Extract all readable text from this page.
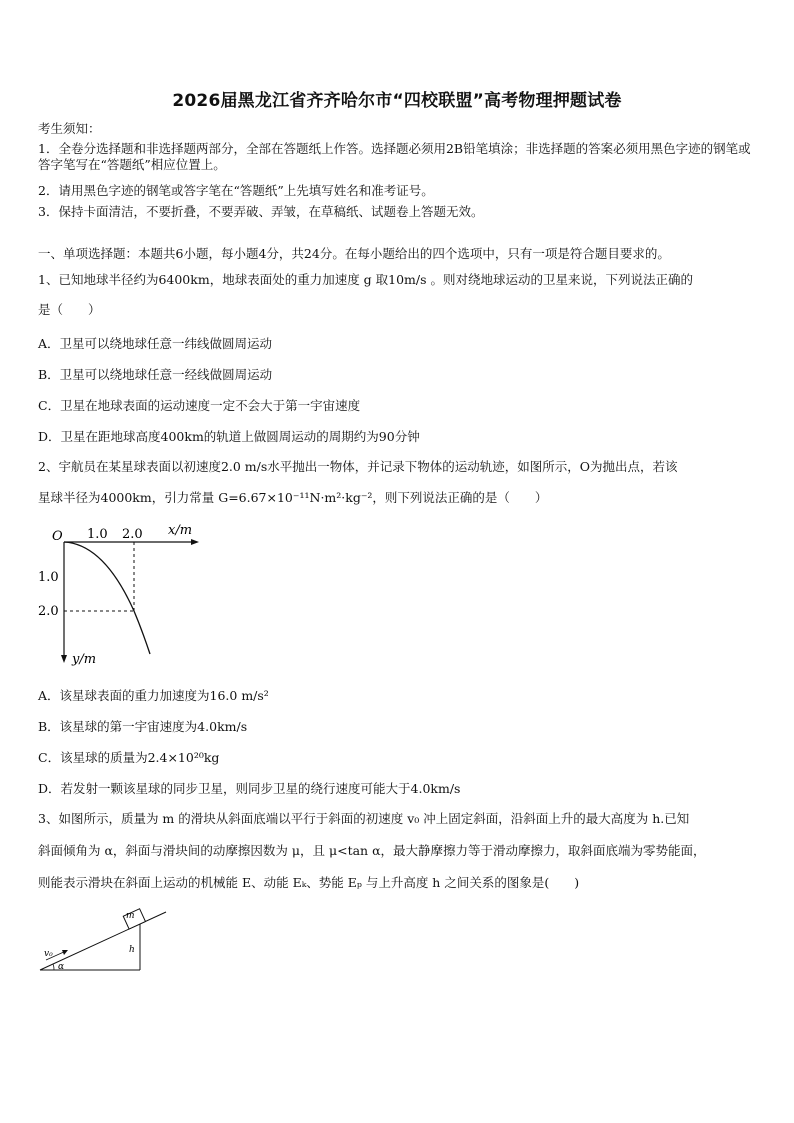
2026届黑龙江省齐齐哈尔市“四校联盟”高考物理押题试卷
考生须知：
1．全卷分选择题和非选择题两部分，全部在答题纸上作答。选择题必须用2B铅笔填涂；非选择题的答案必须用黑色字迹的钢笔或答字笔写在“答题纸”相应位置上。
2．请用黑色字迹的钢笔或答字笔在“答题纸”上先填写姓名和准考证号。
3．保持卡面清洁，不要折叠，不要弄破、弄皱，在草稿纸、试题卷上答题无效。
一、单项选择题：本题共6小题，每小题4分，共24分。在每小题给出的四个选项中，只有一项是符合题目要求的。
1、已知地球半径约为6400km，地球表面处的重力加速度 g 取10m/s 。则对绕地球运动的卫星来说，下列说法正确的
是（　　）
A．卫星可以绕地球任意一纬线做圆周运动
B．卫星可以绕地球任意一经线做圆周运动
C．卫星在地球表面的运动速度一定不会大于第一宇宙速度
D．卫星在距地球高度400km的轨道上做圆周运动的周期约为90分钟
2、宇航员在某星球表面以初速度2.0 m/s水平抛出一物体，并记录下物体的运动轨迹，如图所示，O为抛出点，若该
星球半径为4000km，引力常量 G=6.67×10⁻¹¹N·m²·kg⁻²，则下列说法正确的是（　　）
O 1.0 2.0 x/m
1.0
2.0
y/m
A．该星球表面的重力加速度为16.0 m/s²
B．该星球的第一宇宙速度为4.0km/s
C．该星球的质量为2.4×10²⁰kg
D．若发射一颗该星球的同步卫星，则同步卫星的绕行速度可能大于4.0km/s
3、如图所示，质量为 m 的滑块从斜面底端以平行于斜面的初速度 v₀ 冲上固定斜面，沿斜面上升的最大高度为 h.已知
斜面倾角为 α，斜面与滑块间的动摩擦因数为 μ，且 μ<tan α，最大静摩擦力等于滑动摩擦力，取斜面底端为零势能面，
则能表示滑块在斜面上运动的机械能 E、动能 Eₖ、势能 Eₚ 与上升高度 h 之间关系的图象是(　　)
m
v₀	h
α
